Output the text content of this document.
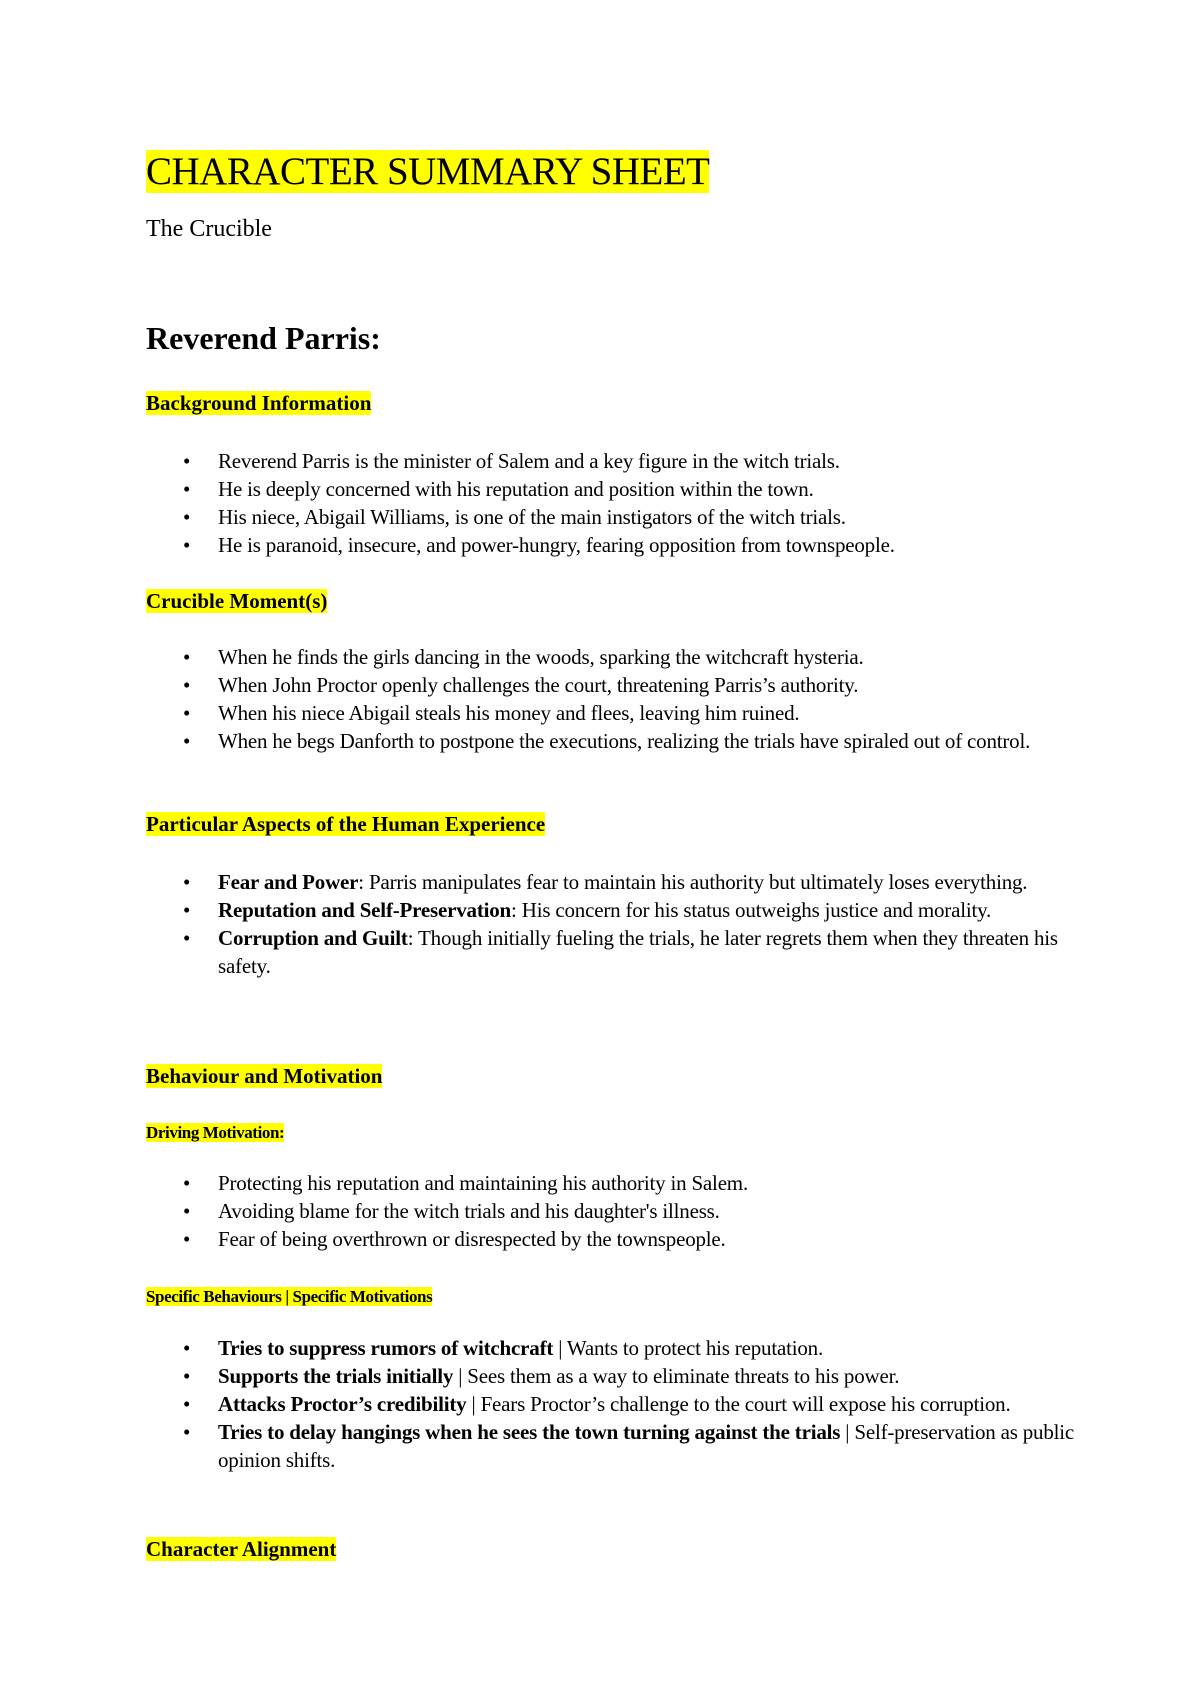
CHARACTER SUMMARY SHEET
The Crucible
Reverend Parris:
Background Information
• Reverend Parris is the minister of Salem and a key figure in the witch trials.
• He is deeply concerned with his reputation and position within the town.
• His niece, Abigail Williams, is one of the main instigators of the witch trials.
• He is paranoid, insecure, and power-hungry, fearing opposition from townspeople.
Crucible Moment(s)
• When he finds the girls dancing in the woods, sparking the witchcraft hysteria.
• When John Proctor openly challenges the court, threatening Parris’s authority.
• When his niece Abigail steals his money and flees, leaving him ruined.
• When he begs Danforth to postpone the executions, realizing the trials have spiraled out of control.
Particular Aspects of the Human Experience
• Fear and Power: Parris manipulates fear to maintain his authority but ultimately loses everything.
• Reputation and Self-Preservation: His concern for his status outweighs justice and morality.
• Corruption and Guilt: Though initially fueling the trials, he later regrets them when they threaten his safety.
Behaviour and Motivation
Driving Motivation:
• Protecting his reputation and maintaining his authority in Salem.
• Avoiding blame for the witch trials and his daughter's illness.
• Fear of being overthrown or disrespected by the townspeople.
Specific Behaviours | Specific Motivations
• Tries to suppress rumors of witchcraft | Wants to protect his reputation.
• Supports the trials initially | Sees them as a way to eliminate threats to his power.
• Attacks Proctor’s credibility | Fears Proctor’s challenge to the court will expose his corruption.
• Tries to delay hangings when he sees the town turning against the trials | Self-preservation as public opinion shifts.
Character Alignment
